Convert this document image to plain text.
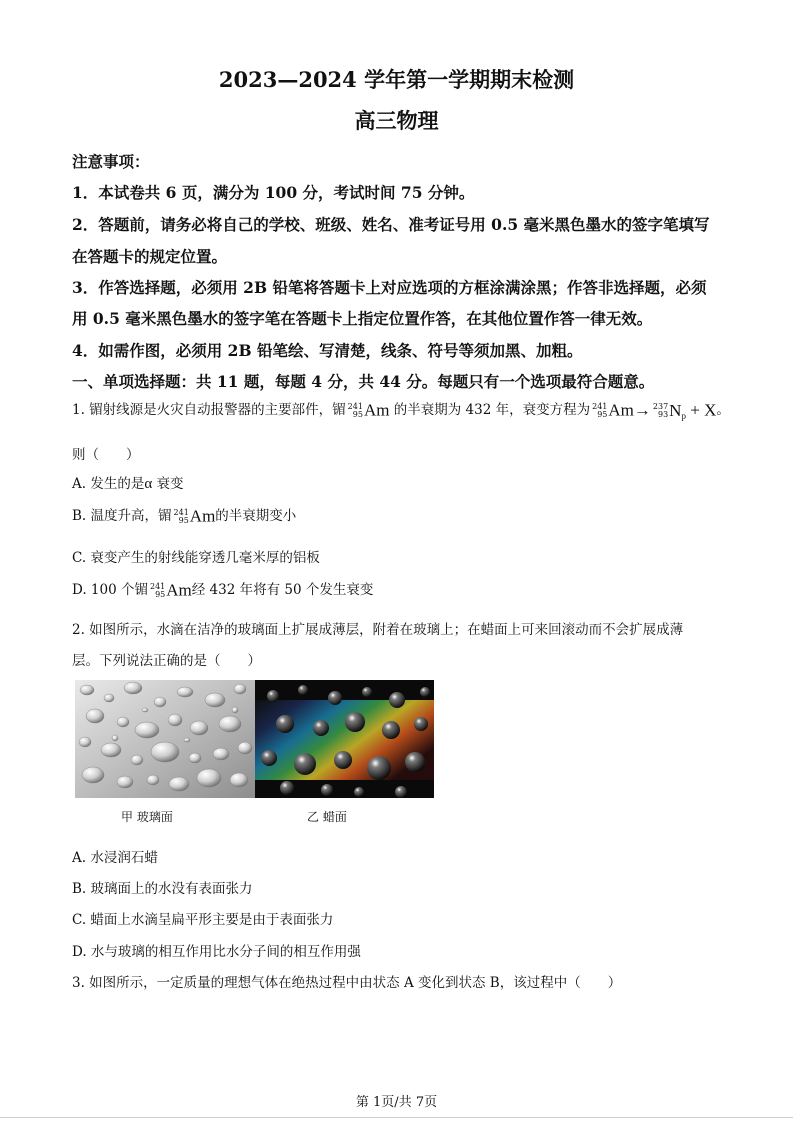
2023—2024 学年第一学期期末检测
高三物理
注意事项：
1．本试卷共 6 页，满分为 100 分，考试时间 75 分钟。
2．答题前，请务必将自己的学校、班级、姓名、准考证号用 0.5 毫米黑色墨水的签字笔填写
在答题卡的规定位置。
3．作答选择题，必须用 2B 铅笔将答题卡上对应选项的方框涂满涂黑；作答非选择题，必须
用 0.5 毫米黑色墨水的签字笔在答题卡上指定位置作答，在其他位置作答一律无效。
4．如需作图，必须用 2B 铅笔绘、写清楚，线条、符号等须加黑、加粗。
一、单项选择题：共 11 题，每题 4 分，共 44 分。每题只有一个选项最符合题意。
1. 镅射线源是火灾自动报警器的主要部件，镅 241
95 Am 的半衰期为 432 年，衰变方程为 241
95 Am→ 237
93 $N_p + X$。
则（　　）
A. 发生的是α 衰变
B. 温度升高，镅 241
95 Am的半衰期变小
C. 衰变产生的射线能穿透几毫米厚的铝板
D. 100 个镅 241
95 Am经 432 年将有 50 个发生衰变
2. 如图所示，水滴在洁净的玻璃面上扩展成薄层，附着在玻璃上；在蜡面上可来回滚动而不会扩展成薄
层。下列说法正确的是（　　）
甲 玻璃面	乙 蜡面
A. 水浸润石蜡
B. 玻璃面上的水没有表面张力
C. 蜡面上水滴呈扁平形主要是由于表面张力
D. 水与玻璃的相互作用比水分子间的相互作用强
3. 如图所示，一定质量的理想气体在绝热过程中由状态 A 变化到状态 B，该过程中（　　）
第 1页/共 7页
